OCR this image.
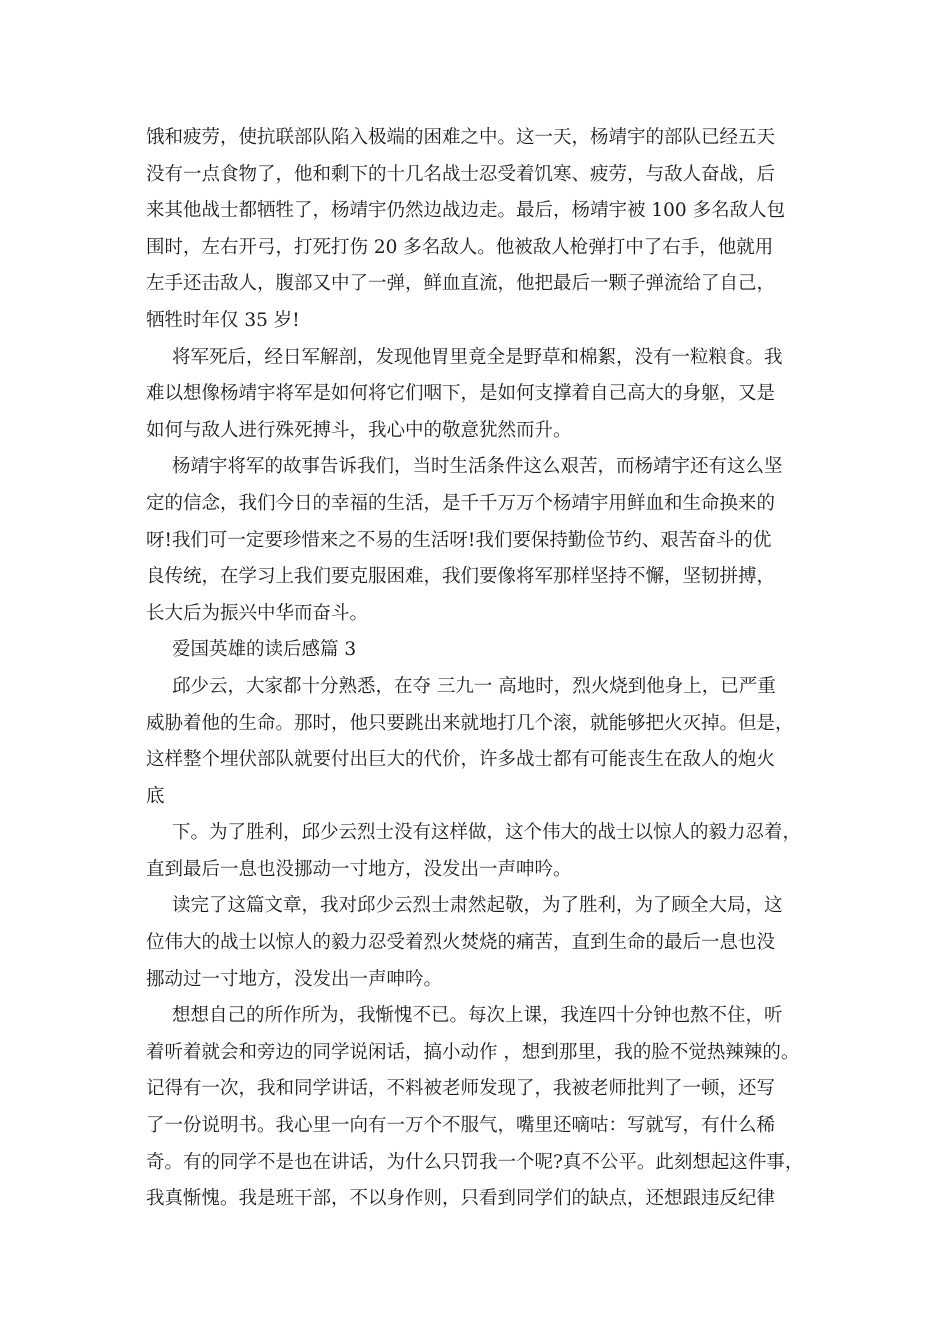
饿和疲劳，使抗联部队陷入极端的困难之中。这一天，杨靖宇的部队已经五天
没有一点食物了，他和剩下的十几名战士忍受着饥寒、疲劳，与敌人奋战，后
来其他战士都牺牲了，杨靖宇仍然边战边走。最后，杨靖宇被 100 多名敌人包
围时，左右开弓，打死打伤 20 多名敌人。他被敌人枪弹打中了右手，他就用
左手还击敌人，腹部又中了一弹，鲜血直流，他把最后一颗子弹流给了自己，
牺牲时年仅 35 岁!
将军死后，经日军解剖，发现他胃里竟全是野草和棉絮，没有一粒粮食。我
难以想像杨靖宇将军是如何将它们咽下，是如何支撑着自己高大的身躯，又是
如何与敌人进行殊死搏斗，我心中的敬意犹然而升。
杨靖宇将军的故事告诉我们，当时生活条件这么艰苦，而杨靖宇还有这么坚
定的信念，我们今日的幸福的生活，是千千万万个杨靖宇用鲜血和生命换来的
呀!我们可一定要珍惜来之不易的生活呀!我们要保持勤俭节约、艰苦奋斗的优
良传统，在学习上我们要克服困难，我们要像将军那样坚持不懈，坚韧拼搏，
长大后为振兴中华而奋斗。
爱国英雄的读后感篇 3
邱少云，大家都十分熟悉，在夺 三九一 高地时，烈火烧到他身上，已严重
威胁着他的生命。那时，他只要跳出来就地打几个滚，就能够把火灭掉。但是，
这样整个埋伏部队就要付出巨大的代价，许多战士都有可能丧生在敌人的炮火
底
下。为了胜利，邱少云烈士没有这样做，这个伟大的战士以惊人的毅力忍着，
直到最后一息也没挪动一寸地方，没发出一声呻吟。
读完了这篇文章，我对邱少云烈士肃然起敬，为了胜利，为了顾全大局，这
位伟大的战士以惊人的毅力忍受着烈火焚烧的痛苦，直到生命的最后一息也没
挪动过一寸地方，没发出一声呻吟。
想想自己的所作所为，我惭愧不已。每次上课，我连四十分钟也熬不住，听
着听着就会和旁边的同学说闲话，搞小动作 ，想到那里，我的脸不觉热辣辣的。
记得有一次，我和同学讲话，不料被老师发现了，我被老师批判了一顿，还写
了一份说明书。我心里一向有一万个不服气，嘴里还嘀咕：写就写，有什么稀
奇。有的同学不是也在讲话，为什么只罚我一个呢?真不公平。此刻想起这件事，
我真惭愧。我是班干部，不以身作则，只看到同学们的缺点，还想跟违反纪律
